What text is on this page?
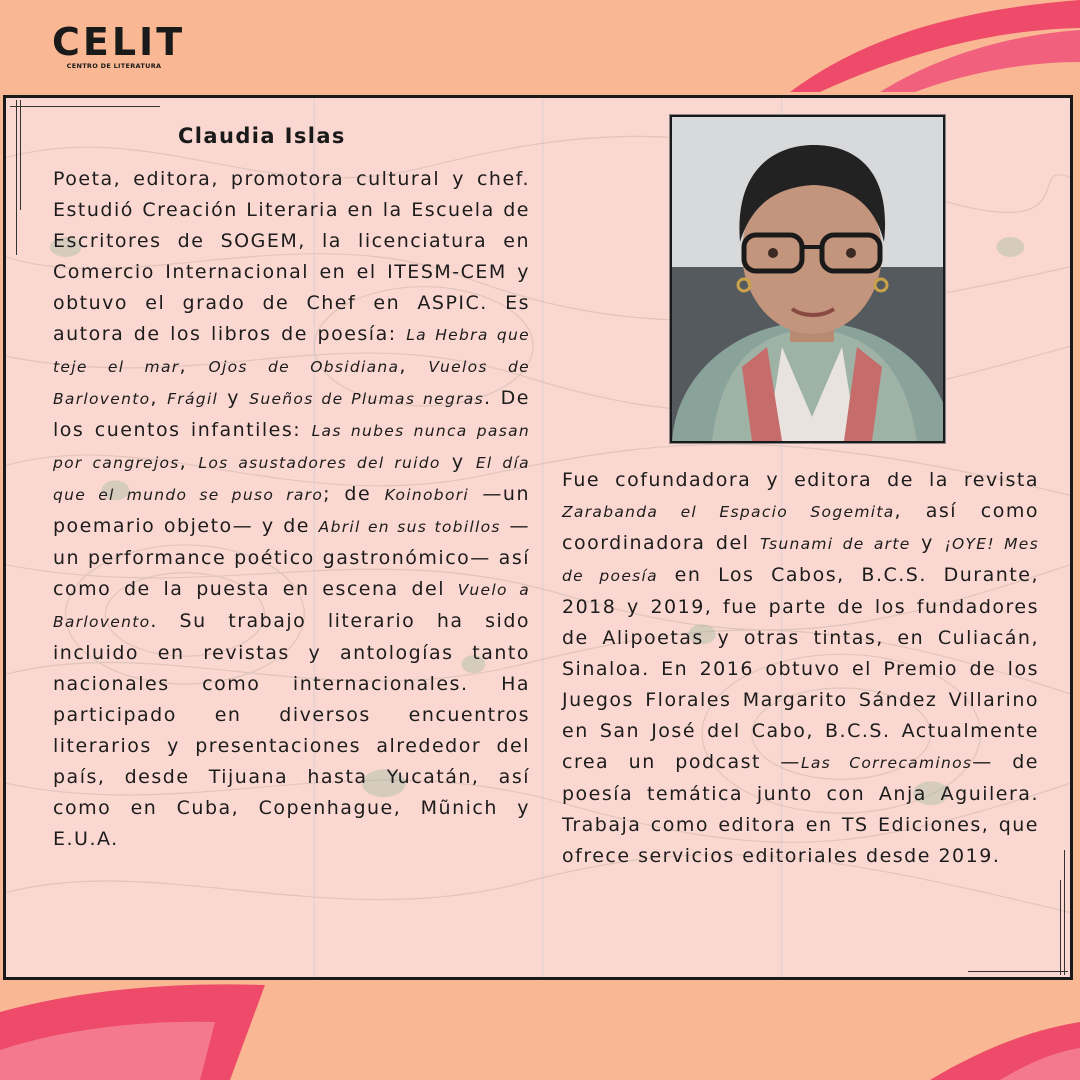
CELIT
CENTRO DE LITERATURA
Claudia Islas
Poeta, editora, promotora cultural y chef. Estudió Creación Literaria en la Escuela de Escritores de SOGEM, la licenciatura en Comercio Internacional en el ITESM-CEM y obtuvo el grado de Chef en ASPIC. Es autora de los libros de poesía: La Hebra que teje el mar, Ojos de Obsidiana, Vuelos de Barlovento, Frágil y Sueños de Plumas negras. De los cuentos infantiles: Las nubes nunca pasan por cangrejos, Los asustadores del ruido y El día que el mundo se puso raro; de Koinobori —un poemario objeto— y de Abril en sus tobillos —un performance poético gastronómico— así como de la puesta en escena del Vuelo a Barlovento. Su trabajo literario ha sido incluido en revistas y antologías tanto nacionales como internacionales. Ha participado en diversos encuentros literarios y presentaciones alrededor del país, desde Tijuana hasta Yucatán, así como en Cuba, Copenhague, Mũnich y E.U.A.
Fue cofundadora y editora de la revista Zarabanda el Espacio Sogemita, así como coordinadora del Tsunami de arte y ¡OYE! Mes de poesía en Los Cabos, B.C.S. Durante, 2018 y 2019, fue parte de los fundadores de Alipoetas y otras tintas, en Culiacán, Sinaloa. En 2016 obtuvo el Premio de los Juegos Florales Margarito Sández Villarino en San José del Cabo, B.C.S. Actualmente crea un podcast —Las Correcaminos— de poesía temática junto con Anja Aguilera. Trabaja como editora en TS Ediciones, que ofrece servicios editoriales desde 2019.
